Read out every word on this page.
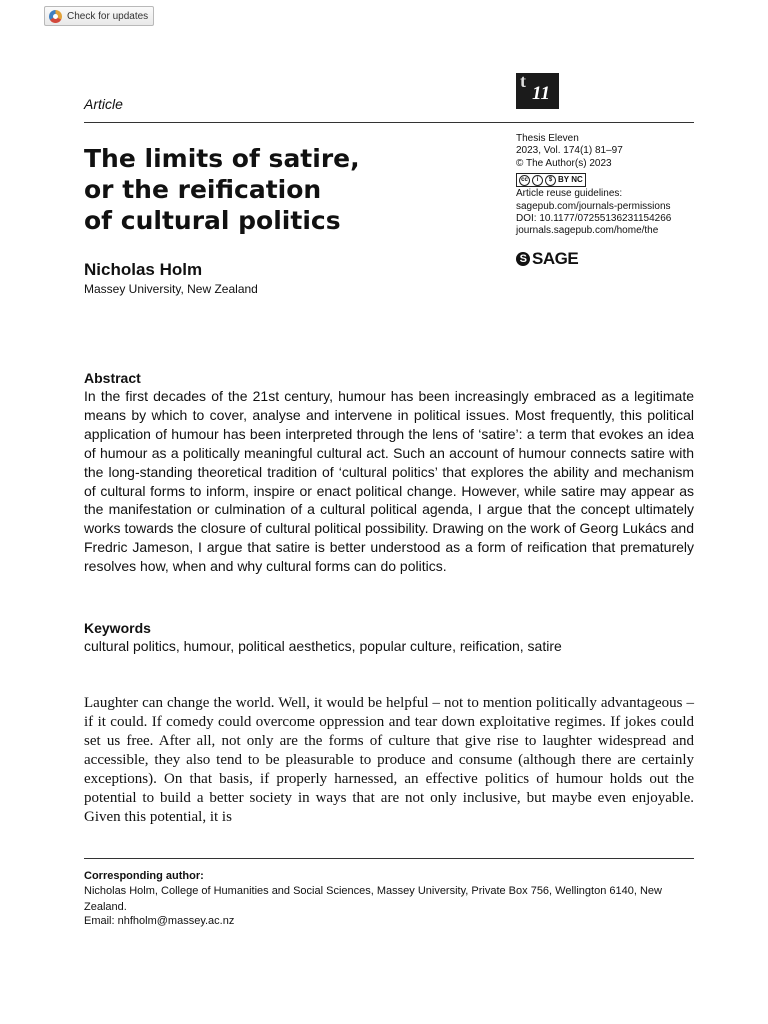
Check for updates
t
11
Article
The limits of satire,
or the reification
of cultural politics
Nicholas Holm
Massey University, New Zealand
Thesis Eleven
2023, Vol. 174(1) 81–97
© The Author(s) 2023
cc	i	$ BY NC
Article reuse guidelines:
sagepub.com/journals-permissions
DOI: 10.1177/07255136231154266
journals.sagepub.com/home/the
S SAGE
Abstract

In the first decades of the 21st century, humour has been increasingly embraced as a legitimate means by which to cover, analyse and intervene in political issues. Most frequently, this political application of humour has been interpreted through the lens of ‘satire’: a term that evokes an idea of humour as a politically meaningful cultural act. Such an account of humour connects satire with the long-standing theoretical tradition of ‘cultural politics’ that explores the ability and mechanism of cultural forms to inform, inspire or enact political change. However, while satire may appear as the manifestation or culmination of a cultural political agenda, I argue that the concept ultimately works towards the closure of cultural political possibility. Drawing on the work of Georg Lukács and Fredric Jameson, I argue that satire is better understood as a form of reification that prematurely resolves how, when and why cultural forms can do politics.

Keywords
cultural politics, humour, political aesthetics, popular culture, reification, satire

Laughter can change the world. Well, it would be helpful – not to mention politically advantageous – if it could. If comedy could overcome oppression and tear down exploitative regimes. If jokes could set us free. After all, not only are the forms of culture that give rise to laughter widespread and accessible, they also tend to be pleasurable to produce and consume (although there are certainly exceptions). On that basis, if properly harnessed, an effective politics of humour holds out the potential to build a better society in ways that are not only inclusive, but maybe even enjoyable. Given this potential, it is

Corresponding author:
Nicholas Holm, College of Humanities and Social Sciences, Massey University, Private Box 756, Wellington 6140, New Zealand.
Email: nhfholm@massey.ac.nz
